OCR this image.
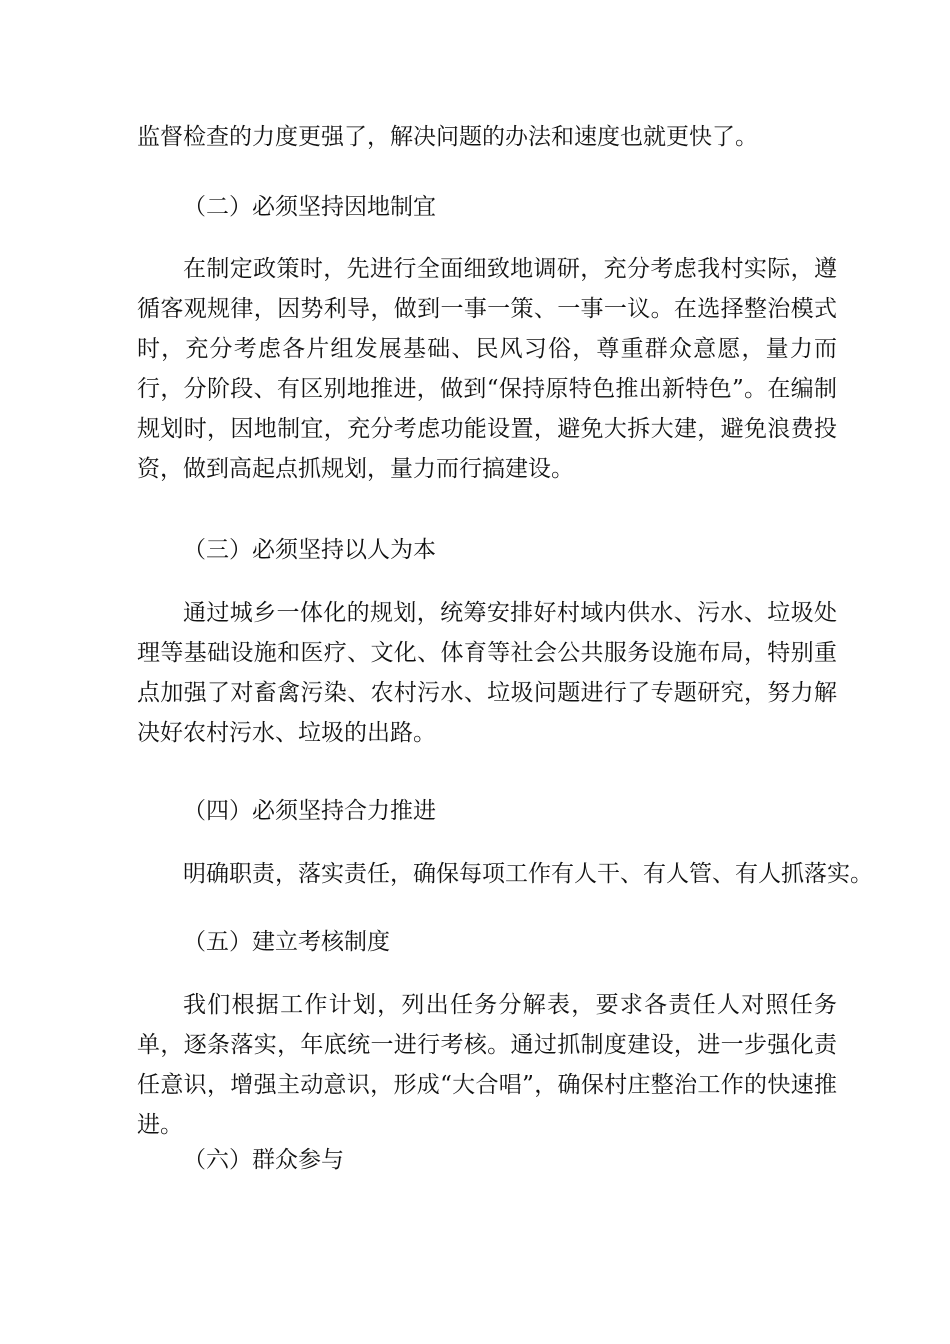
监督检查的力度更强了，解决问题的办法和速度也就更快了。

（二）必须坚持因地制宜

在制定政策时，先进行全面细致地调研，充分考虑我村实际，遵循客观规律，因势利导，做到一事一策、一事一议。在选择整治模式时，充分考虑各片组发展基础、民风习俗，尊重群众意愿，量力而行，分阶段、有区别地推进，做到“保持原特色推出新特色”。在编制规划时，因地制宜，充分考虑功能设置，避免大拆大建，避免浪费投资，做到高起点抓规划，量力而行搞建设。

（三）必须坚持以人为本

通过城乡一体化的规划，统筹安排好村域内供水、污水、垃圾处理等基础设施和医疗、文化、体育等社会公共服务设施布局，特别重点加强了对畜禽污染、农村污水、垃圾问题进行了专题研究，努力解决好农村污水、垃圾的出路。

（四）必须坚持合力推进

明确职责，落实责任，确保每项工作有人干、有人管、有人抓落实。

（五）建立考核制度

我们根据工作计划，列出任务分解表，要求各责任人对照任务单，逐条落实，年底统一进行考核。通过抓制度建设，进一步强化责任意识，增强主动意识，形成“大合唱”，确保村庄整治工作的快速推进。

（六）群众参与
